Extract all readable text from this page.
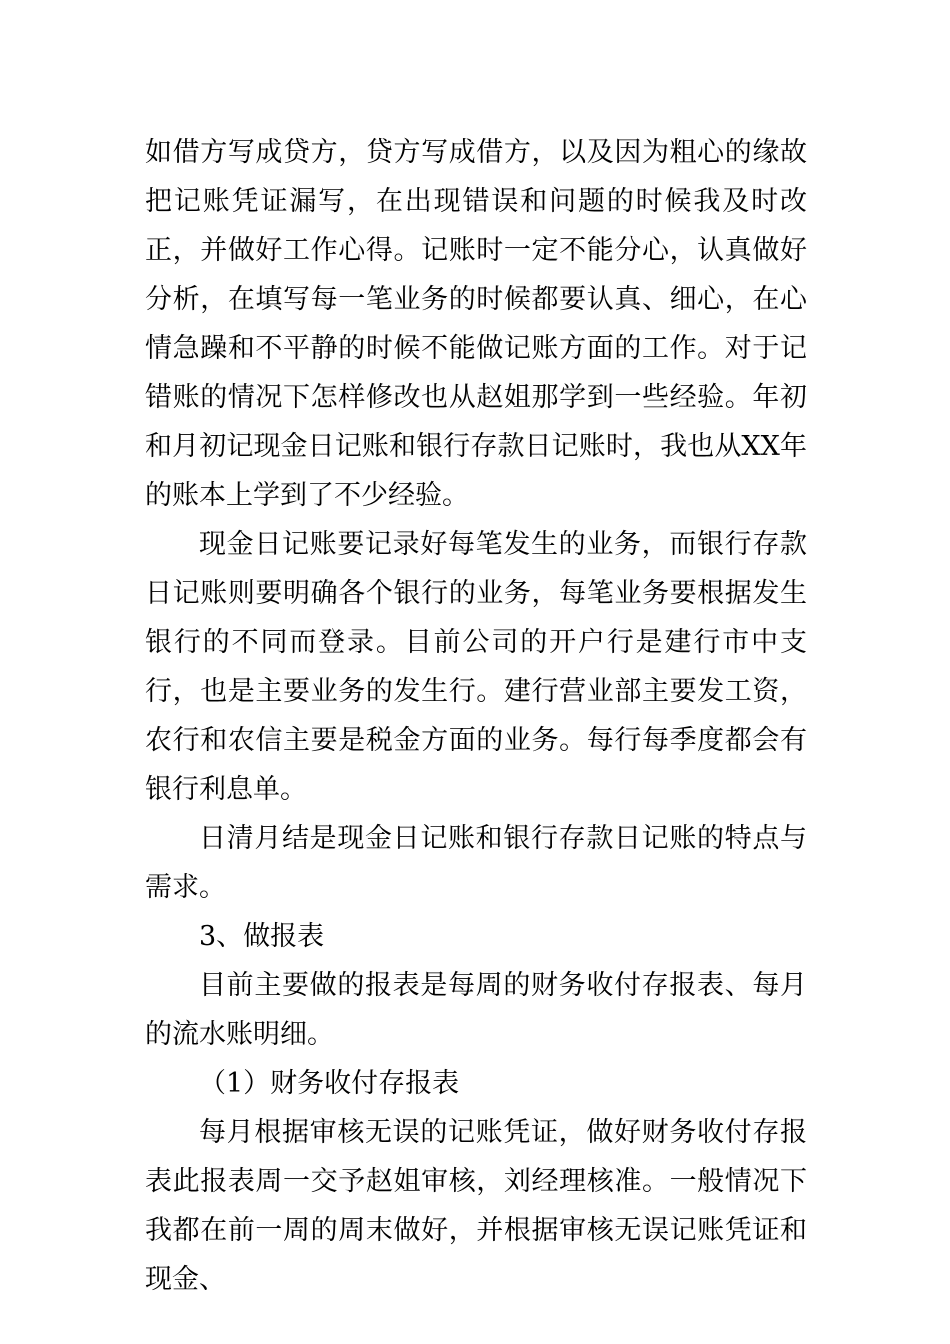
如借方写成贷方，贷方写成借方，以及因为粗心的缘故把记账凭证漏写，在出现错误和问题的时候我及时改正，并做好工作心得。记账时一定不能分心，认真做好分析，在填写每一笔业务的时候都要认真、细心，在心情急躁和不平静的时候不能做记账方面的工作。对于记错账的情况下怎样修改也从赵姐那学到一些经验。年初和月初记现金日记账和银行存款日记账时，我也从XX年的账本上学到了不少经验。

现金日记账要记录好每笔发生的业务，而银行存款日记账则要明确各个银行的业务，每笔业务要根据发生银行的不同而登录。目前公司的开户行是建行市中支行，也是主要业务的发生行。建行营业部主要发工资，农行和农信主要是税金方面的业务。每行每季度都会有银行利息单。

日清月结是现金日记账和银行存款日记账的特点与需求。

3、做报表

目前主要做的报表是每周的财务收付存报表、每月的流水账明细。

（1）财务收付存报表

每月根据审核无误的记账凭证，做好财务收付存报表此报表周一交予赵姐审核，刘经理核准。一般情况下我都在前一周的周末做好，并根据审核无误记账凭证和现金、
